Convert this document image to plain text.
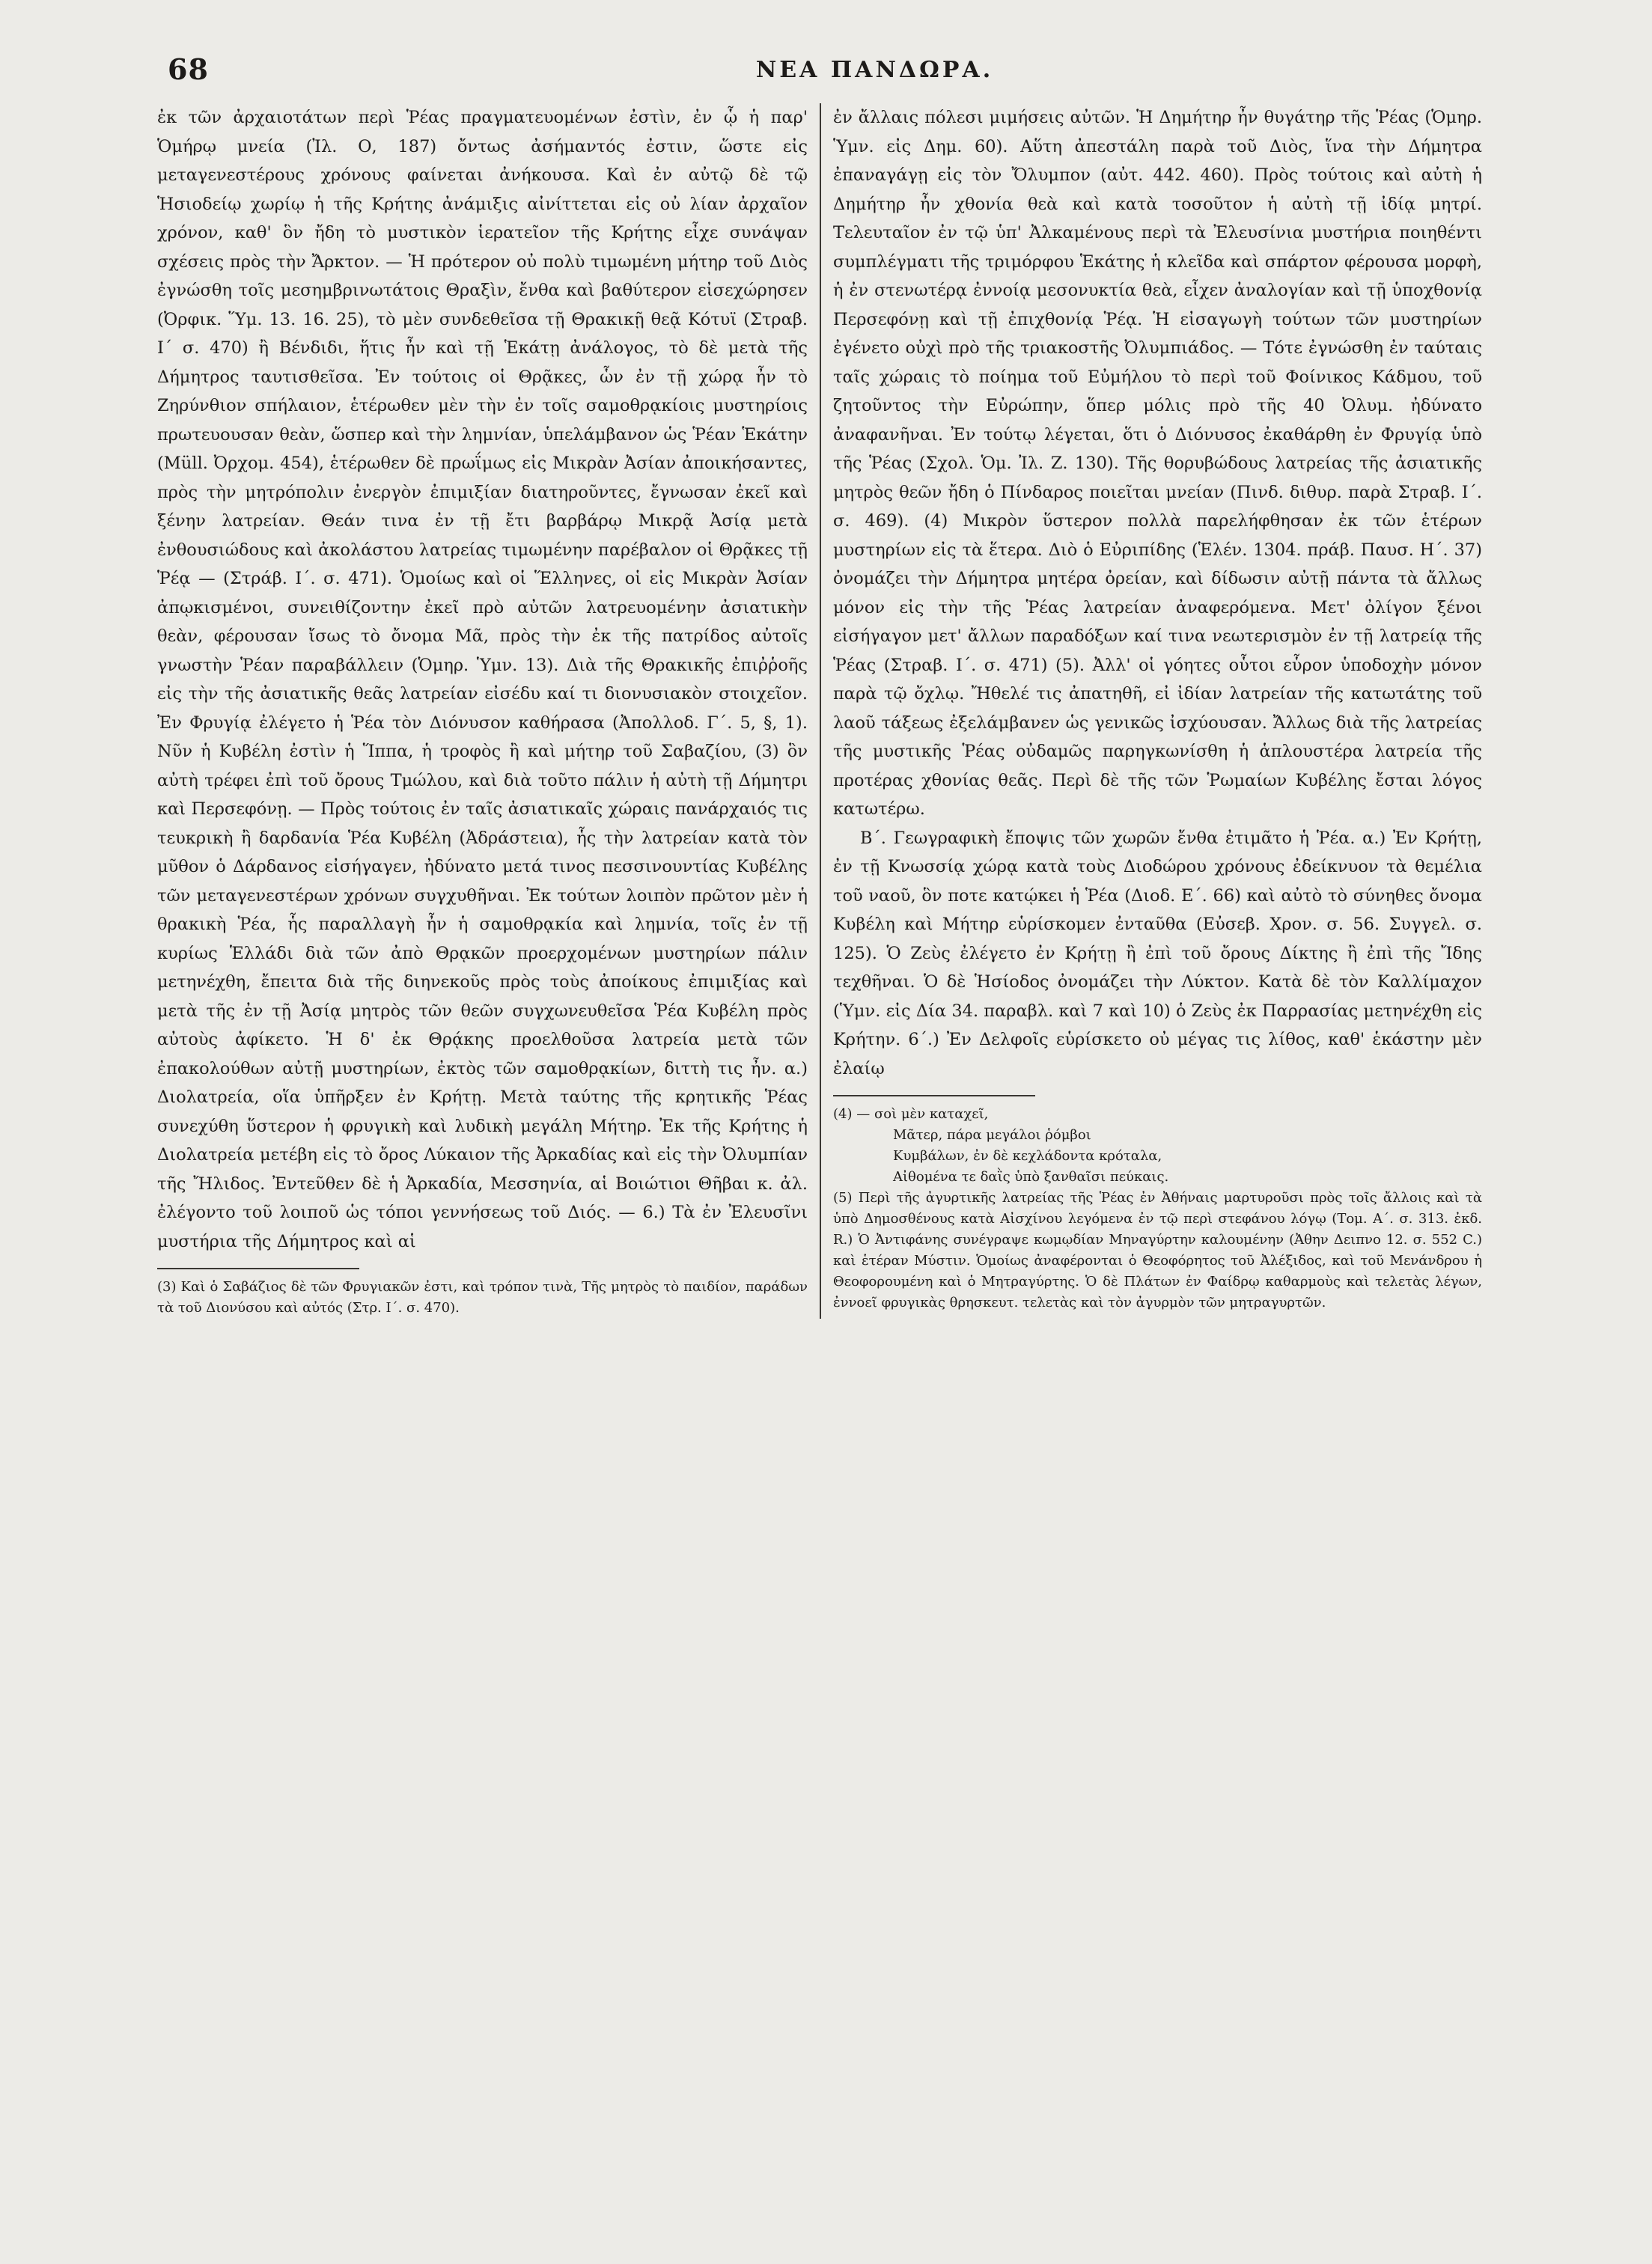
68	ΝΕΑ ΠΑΝΔΩΡΑ.

ἐκ τῶν ἀρχαιοτάτων περὶ Ῥέας πραγματευομένων ἐστὶν, ἐν ᾧ ἡ παρ' Ὁμήρῳ μνεία (Ἰλ. Ο, 187) ὄντως ἀσήμαντός ἐστιν, ὥστε εἰς μεταγενεστέρους χρόνους φαίνεται ἀνήκουσα. Καὶ ἐν αὐτῷ δὲ τῷ Ἡσιοδείῳ χωρίῳ ἡ τῆς Κρήτης ἀνάμιξις αἰνίττεται εἰς οὐ λίαν ἀρχαῖον χρόνον, καθ' ὃν ἤδη τὸ μυστικὸν ἱερατεῖον τῆς Κρήτης εἶχε συνάψαν σχέσεις πρὸς τὴν Ἄρκτον. — Ἡ πρότερον οὐ πολὺ τιμωμένη μήτηρ τοῦ Διὸς ἐγνώσθη τοῖς μεσημβρινωτάτοις Θραξὶν, ἔνθα καὶ βαθύτερον εἰσεχώρησεν (Ὀρφικ. Ὕμ. 13. 16. 25), τὸ μὲν συνδεθεῖσα τῇ Θρακικῇ θεᾷ Κότυϊ (Στραβ. Ι΄ σ. 470) ἢ Βένδιδι, ἥτις ἦν καὶ τῇ Ἑκάτῃ ἀνάλογος, τὸ δὲ μετὰ τῆς Δήμητρος ταυτισθεῖσα. Ἐν τούτοις οἱ Θρᾷκες, ὧν ἐν τῇ χώρᾳ ἦν τὸ Ζηρύνθιον σπήλαιον, ἑτέρωθεν μὲν τὴν ἐν τοῖς σαμοθρᾳκίοις μυστηρίοις πρωτευουσαν θεὰν, ὥσπερ καὶ τὴν λημνίαν, ὑπελάμβανον ὡς Ῥέαν Ἑκάτην (Müll. Ὀρχομ. 454), ἑτέρωθεν δὲ πρωΐμως εἰς Μικρὰν Ἀσίαν ἀποικήσαντες, πρὸς τὴν μητρόπολιν ἐνεργὸν ἐπιμιξίαν διατηροῦντες, ἔγνωσαν ἐκεῖ καὶ ξένην λατρείαν. Θεάν τινα ἐν τῇ ἔτι βαρβάρῳ Μικρᾷ Ἀσίᾳ μετὰ ἐνθουσιώδους καὶ ἀκολάστου λατρείας τιμωμένην παρέβαλον οἱ Θρᾷκες τῇ Ῥέᾳ — (Στράβ. Ι΄. σ. 471). Ὁμοίως καὶ οἱ Ἕλληνες, οἱ εἰς Μικρὰν Ἀσίαν ἀπῳκισμένοι, συνειθίζοντην ἐκεῖ πρὸ αὐτῶν λατρευομένην ἀσιατικὴν θεὰν, φέρουσαν ἴσως τὸ ὄνομα Μᾶ, πρὸς τὴν ἐκ τῆς πατρίδος αὐτοῖς γνωστὴν Ῥέαν παραβάλλειν (Ὁμηρ. Ὑμν. 13). Διὰ τῆς Θρακικῆς ἐπιῤῥοῆς εἰς τὴν τῆς ἀσιατικῆς θεᾶς λατρείαν εἰσέδυ καί τι διονυσιακὸν στοιχεῖον. Ἐν Φρυγίᾳ ἐλέγετο ἡ Ῥέα τὸν Διόνυσον καθήρασα (Ἀπολλοδ. Γ΄. 5, §, 1). Νῦν ἡ Κυβέλη ἐστὶν ἡ Ἵππα, ἡ τροφὸς ἢ καὶ μήτηρ τοῦ Σαβαζίου, (3) ὃν αὐτὴ τρέφει ἐπὶ τοῦ ὄρους Τμώλου, καὶ διὰ τοῦτο πάλιν ἡ αὐτὴ τῇ Δήμητρι καὶ Περσεφόνῃ. — Πρὸς τούτοις ἐν ταῖς ἀσιατικαῖς χώραις πανάρχαιός τις τευκρικὴ ἢ δαρδανία Ῥέα Κυβέλη (Ἀδράστεια), ἧς τὴν λατρείαν κατὰ τὸν μῦθον ὁ Δάρδανος εἰσήγαγεν, ἠδύνατο μετά τινος πεσσινουντίας Κυβέλης τῶν μεταγενεστέρων χρόνων συγχυθῆναι. Ἐκ τούτων λοιπὸν πρῶτον μὲν ἡ θρακικὴ Ῥέα, ἧς παραλλαγὴ ἦν ἡ σαμοθρᾳκία καὶ λημνία, τοῖς ἐν τῇ κυρίως Ἑλλάδι διὰ τῶν ἀπὸ Θρᾳκῶν προερχομένων μυστηρίων πάλιν μετηνέχθη, ἔπειτα διὰ τῆς διηνεκοῦς πρὸς τοὺς ἀποίκους ἐπιμιξίας καὶ μετὰ τῆς ἐν τῇ Ἀσίᾳ μητρὸς τῶν θεῶν συγχωνευθεῖσα Ῥέα Κυβέλη πρὸς αὐτοὺς ἀφίκετο. Ἡ δ' ἐκ Θρᾴκης προελθοῦσα λατρεία μετὰ τῶν ἐπακολούθων αὐτῇ μυστηρίων, ἐκτὸς τῶν σαμοθρᾳκίων, διττὴ τις ἦν. α.) Διολατρεία, οἵα ὑπῆρξεν ἐν Κρήτῃ. Μετὰ ταύτης τῆς κρητικῆς Ῥέας συνεχύθη ὕστερον ἡ φρυγικὴ καὶ λυδικὴ μεγάλη Μήτηρ. Ἐκ τῆς Κρήτης ἡ Διολατρεία μετέβη εἰς τὸ ὄρος Λύκαιον τῆς Ἀρκαδίας καὶ εἰς τὴν Ὀλυμπίαν τῆς Ἤλιδος. Ἐντεῦθεν δὲ ἡ Ἀρκαδία, Μεσσηνία, αἱ Βοιώτιοι Θῆβαι κ. ἀλ. ἐλέγοντο τοῦ λοιποῦ ὡς τόποι γεννήσεως τοῦ Διός. — 6.) Τὰ ἐν Ἐλευσῖνι μυστήρια τῆς Δήμητρος καὶ αἱ

(3) Καὶ ὁ Σαβάζιος δὲ τῶν Φρυγιακῶν ἐστι, καὶ τρόπον τινὰ, Τῆς μητρὸς τὸ παιδίον, παράδων τὰ τοῦ Διονύσου καὶ αὐτός (Στρ. Ι΄. σ. 470).

ἐν ἄλλαις πόλεσι μιμήσεις αὐτῶν. Ἡ Δημήτηρ ἦν θυγάτηρ τῆς Ῥέας (Ὁμηρ. Ὑμν. εἰς Δημ. 60). Αὕτη ἀπεστάλη παρὰ τοῦ Διὸς, ἵνα τὴν Δήμητρα ἐπαναγάγῃ εἰς τὸν Ὄλυμπον (αὐτ. 442. 460). Πρὸς τούτοις καὶ αὐτὴ ἡ Δημήτηρ ἦν χθονία θεὰ καὶ κατὰ τοσοῦτον ἡ αὐτὴ τῇ ἰδίᾳ μητρί. Τελευταῖον ἐν τῷ ὑπ' Ἀλκαμένους περὶ τὰ Ἐλευσίνια μυστήρια ποιηθέντι συμπλέγματι τῆς τριμόρφου Ἑκάτης ἡ κλεῖδα καὶ σπάρτον φέρουσα μορφὴ, ἡ ἐν στενωτέρᾳ ἐννοίᾳ μεσονυκτία θεὰ, εἶχεν ἀναλογίαν καὶ τῇ ὑποχθονίᾳ Περσεφόνῃ καὶ τῇ ἐπιχθονίᾳ Ῥέᾳ. Ἡ εἰσαγωγὴ τούτων τῶν μυστηρίων ἐγένετο οὐχὶ πρὸ τῆς τριακοστῆς Ὀλυμπιάδος. — Τότε ἐγνώσθη ἐν ταύταις ταῖς χώραις τὸ ποίημα τοῦ Εὐμήλου τὸ περὶ τοῦ Φοίνικος Κάδμου, τοῦ ζητοῦντος τὴν Εὐρώπην, ὅπερ μόλις πρὸ τῆς 40 Ὀλυμ. ἠδύνατο ἀναφανῆναι. Ἐν τούτῳ λέγεται, ὅτι ὁ Διόνυσος ἐκαθάρθη ἐν Φρυγίᾳ ὑπὸ τῆς Ῥέας (Σχολ. Ὁμ. Ἰλ. Ζ. 130). Τῆς θορυβώδους λατρείας τῆς ἀσιατικῆς μητρὸς θεῶν ἤδη ὁ Πίνδαρος ποιεῖται μνείαν (Πινδ. διθυρ. παρὰ Στραβ. Ι΄. σ. 469). (4) Μικρὸν ὕστερον πολλὰ παρελήφθησαν ἐκ τῶν ἑτέρων μυστηρίων εἰς τὰ ἕτερα. Διὸ ὁ Εὐριπίδης (Ἑλέν. 1304. πράβ. Παυσ. Η΄. 37) ὀνομάζει τὴν Δήμητρα μητέρα ὀρείαν, καὶ δίδωσιν αὐτῇ πάντα τὰ ἄλλως μόνον εἰς τὴν τῆς Ῥέας λατρείαν ἀναφερόμενα. Μετ' ὀλίγον ξένοι εἰσήγαγον μετ' ἄλλων παραδόξων καί τινα νεωτερισμὸν ἐν τῇ λατρείᾳ τῆς Ῥέας (Στραβ. Ι΄. σ. 471) (5). Ἀλλ' οἱ γόητες οὗτοι εὗρον ὑποδοχὴν μόνον παρὰ τῷ ὄχλῳ. Ἤθελέ τις ἀπατηθῆ, εἰ ἰδίαν λατρείαν τῆς κατωτάτης τοῦ λαοῦ τάξεως ἐξελάμβανεν ὡς γενικῶς ἰσχύουσαν. Ἄλλως διὰ τῆς λατρείας τῆς μυστικῆς Ῥέας οὐδαμῶς παρηγκωνίσθη ἡ ἁπλουστέρα λατρεία τῆς προτέρας χθονίας θεᾶς. Περὶ δὲ τῆς τῶν Ῥωμαίων Κυβέλης ἔσται λόγος κατωτέρω.

Β΄. Γεωγραφικὴ ἔποψις τῶν χωρῶν ἔνθα ἐτιμᾶτο ἡ Ῥέα. α.) Ἐν Κρήτῃ, ἐν τῇ Κνωσσίᾳ χώρᾳ κατὰ τοὺς Διοδώρου χρόνους ἐδείκνυον τὰ θεμέλια τοῦ ναοῦ, ὃν ποτε κατῴκει ἡ Ῥέα (Διοδ. Ε΄. 66) καὶ αὐτὸ τὸ σύνηθες ὄνομα Κυβέλη καὶ Μήτηρ εὑρίσκομεν ἐνταῦθα (Εὐσεβ. Χρον. σ. 56. Συγγελ. σ. 125). Ὁ Ζεὺς ἐλέγετο ἐν Κρήτῃ ἢ ἐπὶ τοῦ ὄρους Δίκτης ἢ ἐπὶ τῆς Ἴδης τεχθῆναι. Ὁ δὲ Ἡσίοδος ὀνομάζει τὴν Λύκτον. Κατὰ δὲ τὸν Καλλίμαχον (Ὑμν. εἰς Δία 34. παραβλ. καὶ 7 καὶ 10) ὁ Ζεὺς ἐκ Παρρασίας μετηνέχθη εἰς Κρήτην. 6΄.) Ἐν Δελφοῖς εὑρίσκετο οὐ μέγας τις λίθος, καθ' ἑκάστην μὲν ἐλαίῳ

(4) — σοὶ μὲν καταχεῖ,

Μᾶτερ, πάρα μεγάλοι ῥόμβοι
Κυμβάλων, ἐν δὲ κεχλάδοντα κρόταλα,
Αἰθομένα τε δαῒς ὑπὸ ξανθαῖσι πεύκαις.

(5) Περὶ τῆς ἀγυρτικῆς λατρείας τῆς Ῥέας ἐν Ἀθήναις μαρτυροῦσι πρὸς τοῖς ἄλλοις καὶ τὰ ὑπὸ Δημοσθένους κατὰ Αἰσχίνου λεγόμενα ἐν τῷ περὶ στεφάνου λόγῳ (Τομ. Α΄. σ. 313. ἐκδ. R.) Ὁ Ἀντιφάνης συνέγραψε κωμῳδίαν Μηναγύρτην καλουμένην (Ἀθην Δειπνο 12. σ. 552 C.) καὶ ἑτέραν Μύστιν. Ὁμοίως ἀναφέρονται ὁ Θεοφόρητος τοῦ Ἀλέξιδος, καὶ τοῦ Μενάνδρου ἡ Θεοφορουμένη καὶ ὁ Μητραγύρτης. Ὁ δὲ Πλάτων ἐν Φαίδρῳ καθαρμοὺς καὶ τελετὰς λέγων, ἐννοεῖ φρυγικὰς θρησκευτ. τελετὰς καὶ τὸν ἀγυρμὸν τῶν μητραγυρτῶν.
